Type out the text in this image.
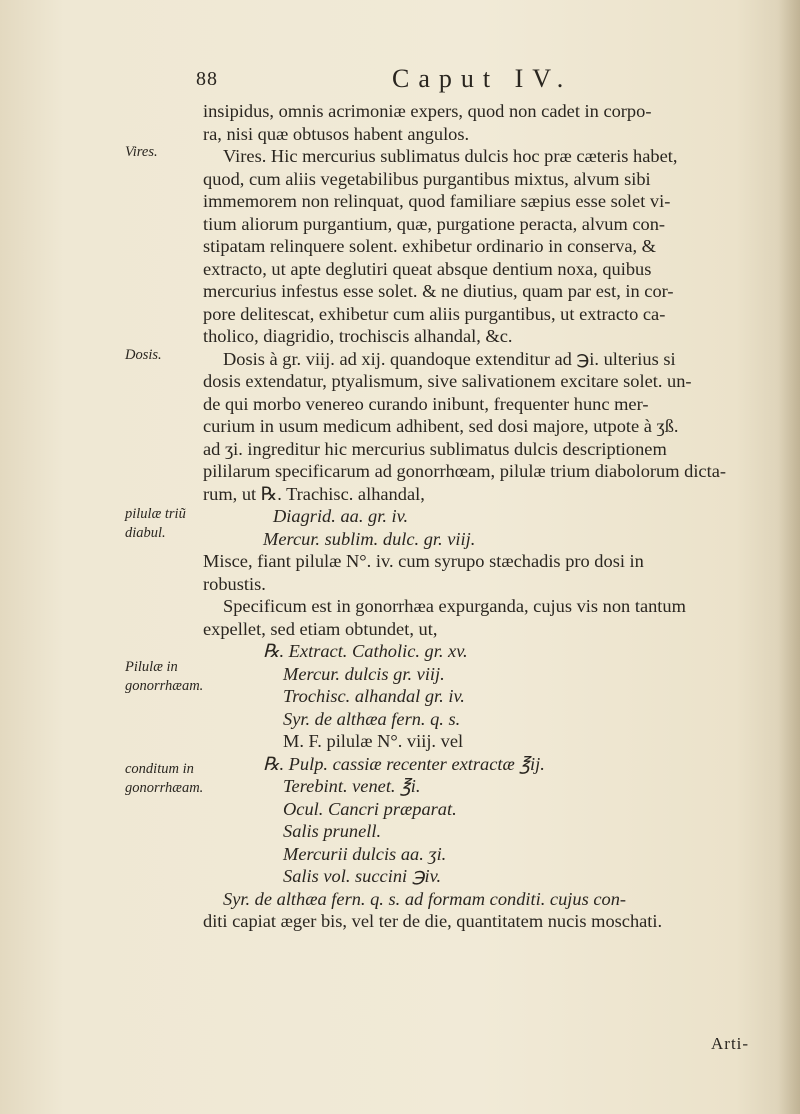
88	Caput IV.
Vires.
Dosis.
pilulæ triũ diabul.
Pilulæ in gonorrhæam.
conditum in gonorrhæam.
insipidus, omnis acrimoniæ expers, quod non cadet in corpo-
ra, nisi quæ obtusos habent angulos.
Vires. Hic mercurius sublimatus dulcis hoc præ cæteris habet,
quod, cum aliis vegetabilibus purgantibus mixtus, alvum sibi
immemorem non relinquat, quod familiare sæpius esse solet vi-
tium aliorum purgantium, quæ, purgatione peracta, alvum con-
stipatam relinquere solent. exhibetur ordinario in conserva, &
extracto, ut apte deglutiri queat absque dentium noxa, quibus
mercurius infestus esse solet. & ne diutius, quam par est, in cor-
pore delitescat, exhibetur cum aliis purgantibus, ut extracto ca-
tholico, diagridio, trochiscis alhandal, &c.
Dosis à gr. viij. ad xij. quandoque extenditur ad ℈i. ulterius si
dosis extendatur, ptyalismum, sive salivationem excitare solet. un-
de qui morbo venereo curando inibunt, frequenter hunc mer-
curium in usum medicum adhibent, sed dosi majore, utpote à ʒß.
ad ʒi. ingreditur hic mercurius sublimatus dulcis descriptionem
pililarum specificarum ad gonorrhœam, pilulæ trium diabolorum dicta-
rum, ut ℞. Trachisc. alhandal,
Diagrid. aa. gr. iv.
Mercur. sublim. dulc. gr. viij.
Misce, fiant pilulæ N°. iv. cum syrupo stæchadis pro dosi in
robustis.
Specificum est in gonorrhæa expurganda, cujus vis non tantum
expellet, sed etiam obtundet, ut,
℞. Extract. Catholic. gr. xv.
Mercur. dulcis gr. viij.
Trochisc. alhandal gr. iv.
Syr. de althæa fern. q. s.
M. F. pilulæ N°. viij. vel
℞. Pulp. cassiæ recenter extractæ ℥ij.
Terebint. venet. ℥i.
Ocul. Cancri præparat.
Salis prunell.
Mercurii dulcis aa. ʒi.
Salis vol. succini ℈iv.
Syr. de althæa fern. q. s. ad formam conditi. cujus con-
diti capiat æger bis, vel ter de die, quantitatem nucis moschati.
Arti-
